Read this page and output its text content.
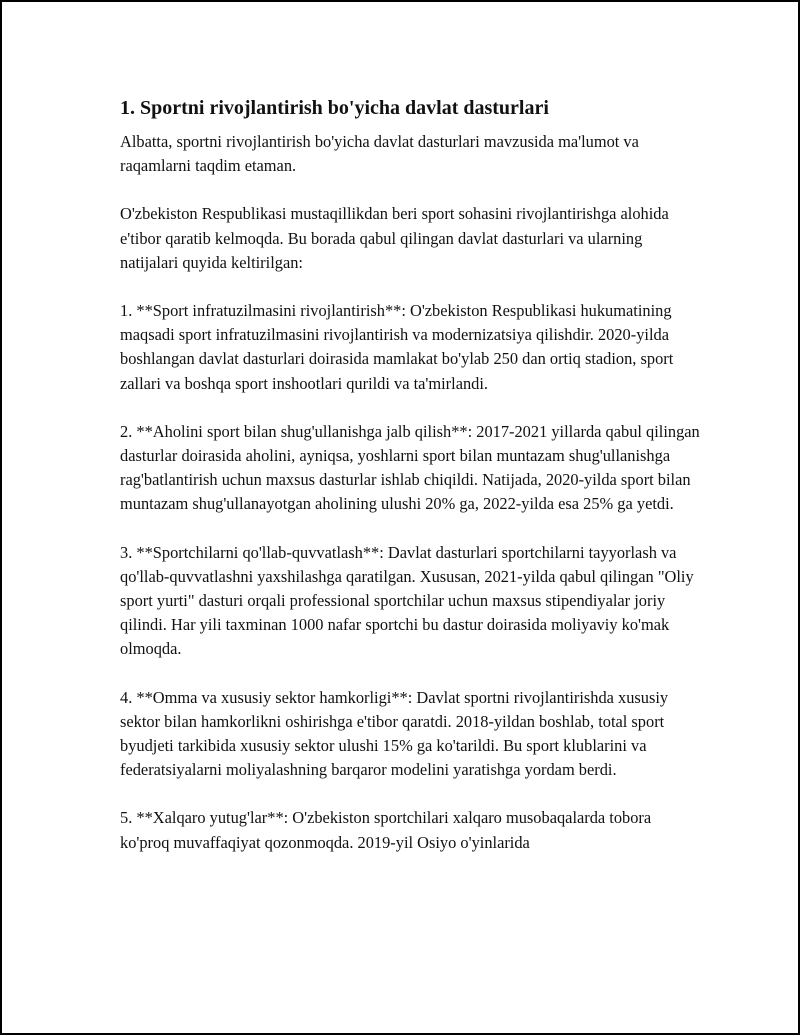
1. Sportni rivojlantirish bo'yicha davlat dasturlari

Albatta, sportni rivojlantirish bo'yicha davlat dasturlari mavzusida ma'lumot va raqamlarni taqdim etaman.

O'zbekiston Respublikasi mustaqillikdan beri sport sohasini rivojlantirishga alohida e'tibor qaratib kelmoqda. Bu borada qabul qilingan davlat dasturlari va ularning natijalari quyida keltirilgan:

1. **Sport infratuzilmasini rivojlantirish**: O'zbekiston Respublikasi hukumatining maqsadi sport infratuzilmasini rivojlantirish va modernizatsiya qilishdir. 2020-yilda boshlangan davlat dasturlari doirasida mamlakat bo'ylab 250 dan ortiq stadion, sport zallari va boshqa sport inshootlari qurildi va ta'mirlandi.

2. **Aholini sport bilan shug'ullanishga jalb qilish**: 2017-2021 yillarda qabul qilingan dasturlar doirasida aholini, ayniqsa, yoshlarni sport bilan muntazam shug'ullanishga rag'batlantirish uchun maxsus dasturlar ishlab chiqildi. Natijada, 2020-yilda sport bilan muntazam shug'ullanayotgan aholining ulushi 20% ga, 2022-yilda esa 25% ga yetdi.

3. **Sportchilarni qo'llab-quvvatlash**: Davlat dasturlari sportchilarni tayyorlash va qo'llab-quvvatlashni yaxshilashga qaratilgan. Xususan, 2021-yilda qabul qilingan "Oliy sport yurti" dasturi orqali professional sportchilar uchun maxsus stipendiyalar joriy qilindi. Har yili taxminan 1000 nafar sportchi bu dastur doirasida moliyaviy ko'mak olmoqda.

4. **Omma va xususiy sektor hamkorligi**: Davlat sportni rivojlantirishda xususiy sektor bilan hamkorlikni oshirishga e'tibor qaratdi. 2018-yildan boshlab, total sport byudjeti tarkibida xususiy sektor ulushi 15% ga ko'tarildi. Bu sport klublarini va federatsiyalarni moliyalashning barqaror modelini yaratishga yordam berdi.

5. **Xalqaro yutug'lar**: O'zbekiston sportchilari xalqaro musobaqalarda tobora ko'proq muvaffaqiyat qozonmoqda. 2019-yil Osiyo o'yinlarida
